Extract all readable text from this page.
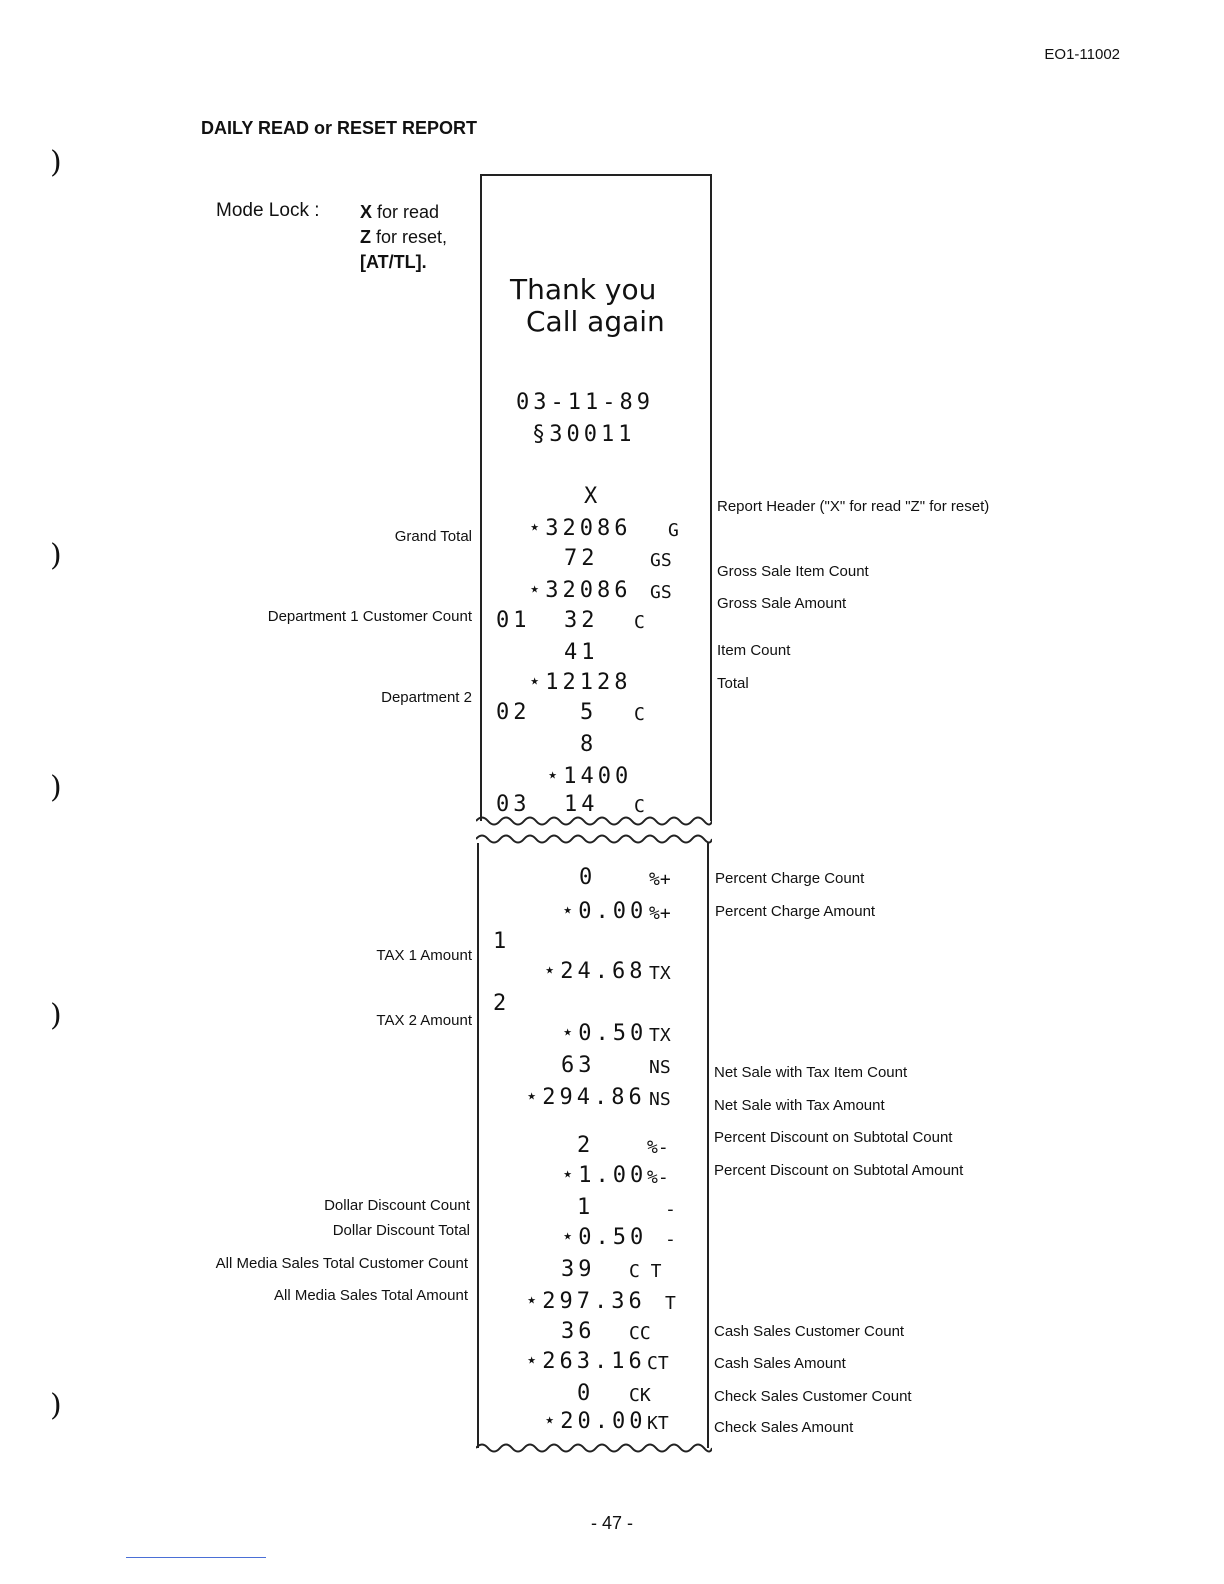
EO1-11002
DAILY READ or RESET REPORT
Mode Lock : X for read
Z for reset,
[AT/TL].
)
)
)
)
)
Grand Total
Department 1 Customer Count
Department 2
TAX 1 Amount
TAX 2 Amount
Dollar Discount Count
Dollar Discount Total
All Media Sales Total Customer Count
All Media Sales Total Amount
Report Header ("X" for read "Z" for reset)
Gross Sale Item Count
Gross Sale Amount
Item Count
Total
Percent Charge Count
Percent Charge Amount
Net Sale with Tax Item Count
Net Sale with Tax Amount
Percent Discount on Subtotal Count
Percent Discount on Subtotal Amount
Cash Sales Customer Count
Cash Sales Amount
Check Sales Customer Count
Check Sales Amount
Thank you
Call again
03-11-89
§30011
X
⋆32086 G
72	GS
⋆32086 GS
01 32 C
41
⋆12128
02 5 C
8
⋆1400
03 14 C
0	%+
⋆0.00 %+
1
⋆24.68 TX
2
⋆0.50 TX
63	NS
⋆294.86 NS
2	%-
⋆1.00 %-
1	-
⋆0.50 -
39 C T
⋆297.36 T
36 CC
⋆263.16 CT
0 CK
⋆20.00 KT
- 47 -
